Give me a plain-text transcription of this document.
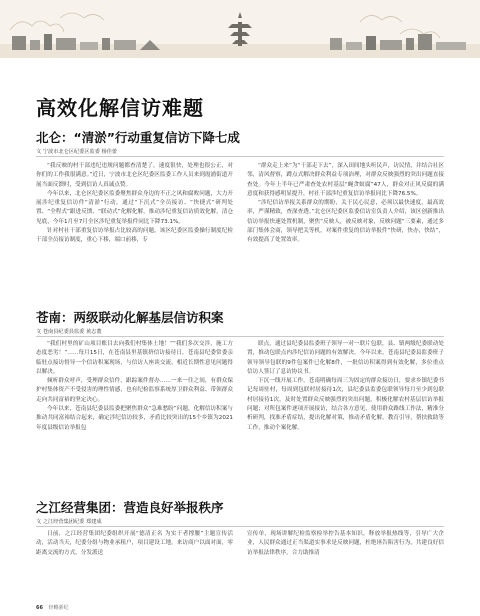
高效化解信访难题
北仑：“清淤”行动重复信访下降七成
文 宁波市北仑区纪委区监委 杨佳蕾

“我反映的村干部违纪违规问题都查清楚了，速度很快，处理也很公正，对你们的工作我很满意。”近日，宁波市北仑区纪委区监委工作人员来到霞浦街道开展当面反馈时，受到信访人真诚点赞。

今年以来，北仑区纪委区监委聚焦群众身边的不正之风和腐败问题，大力开展涉纪重复信访件“清淤”行动，通过“下沉式”全员接访、“快捷式”研判处置、“全程式”跟进反馈、“联动式”化解化解，推动涉纪重复信访质效化解，清仓见底，今年1月至7月全区涉纪重复举报件同比下降73.1%。

针对村社干部重复信访举报占比较高的问题，该区纪委区监委操行制度纪检干部全员接访制度，重心下移，端口前移，专

“群众走上来”为“干部走下去”，深入田间地头听民声，访民情，并结合社区邻，清风督察，蹲点式解决群众利益专项治理，对群众反映强烈的突出问题直接查处。今年上半年已严肃查处农村基层“蝇贪蚁腐”47人，群众对正风反腐的满意度和获得感明显提升，村社干部涉纪重复信访举报同比下降76.5%。

“涉纪信访举报关系群众的期盼，关于民心民意，必须以最快速度，最高效率，严谨精致，查深查透。”北仑区纪委区监委信访室负责人介绍，该区创新推出信访举报快速处置机制，聚焦“反映人，被反映对象，反映问题”三要素，通过多部门集体会商，领导把关等机，对案件重复的信访举报件“快研，快办，快结”，有效提高了处置效率。

苍南：两级联动化解基层信访积案
文 苍南县纪委县监委 黄志董

“我们村里的矿山项目账目去向我们村集体土地！”“我们多次交涉，施工方态度恶劣！”……每月15日，在苍南县里基镇挤信访接待日，苍南县纪委常委亲临驻点接访督导一个信访积案现场，与信访人座谈交流，相近长期性意见问题得以解决。

倾听群众呼声，受理群众信件，跟踪案件督办……一来一往之间，有群众保护村集体资产不受侵害的理性情感，也有纪检监察系统厚卫群众利益、带领群众走向共同富裕的坚定决心。

今年以来，苍南县纪委县监委把聚焦群众“急难愁盼”问题，化解信访积案与推动共同富裕结合起来，确定涉纪信访较多，矛盾比较突出的15个乡镇为2021年度县级信访举报包

联点，通过县纪委县监委班子领导一对一联片包联，县、镇两级纪委联动处置，推动包联点内涉纪信访问题的有效解决。今年以来，苍南县纪委县监委班子领导领导包联的9件包案件已化解8件，一批信访积案得到有效化解，多位重点信访人签订了息访协议书。

下沉一线开展工作，苍南明确每周三为固定的群众接访日，要求乡镇纪委书记每周驻村，每周到包联村居接待1次，县纪委县监委包联领导每月至少到包联村居接待1次，及时处置群众反映强烈的突出问题，积极化解农村基层信访举报问题；对所包案件逐项开展接访，结合各方意见，使用群众路线工作法，精准分析研判，找准矛盾症结，提出化解对策，推动矛盾化解，教育引导，帮扶救助等工作，推动个案化解。

之江经营集团：营造良好举报秩序
文 之江经营集团纪委 郑建成

日前，之江经营集团纪委组织开展“德清正名 为实干者撑腰”主题宣传活动，活动当天，纪委分组与物业承租户，项目建设工地，来访商户以面对面，零距离交流的方式，分发派送

宣传单，现场讲解纪检监察检举控告基本知识，释放举报热线等，引导广大企业，人民群众通过正当渠道实事求是反映问题，杜绝诬告陷害行为，共建良好信访举报法律秩序，合力助推清

66 经略浙纪
